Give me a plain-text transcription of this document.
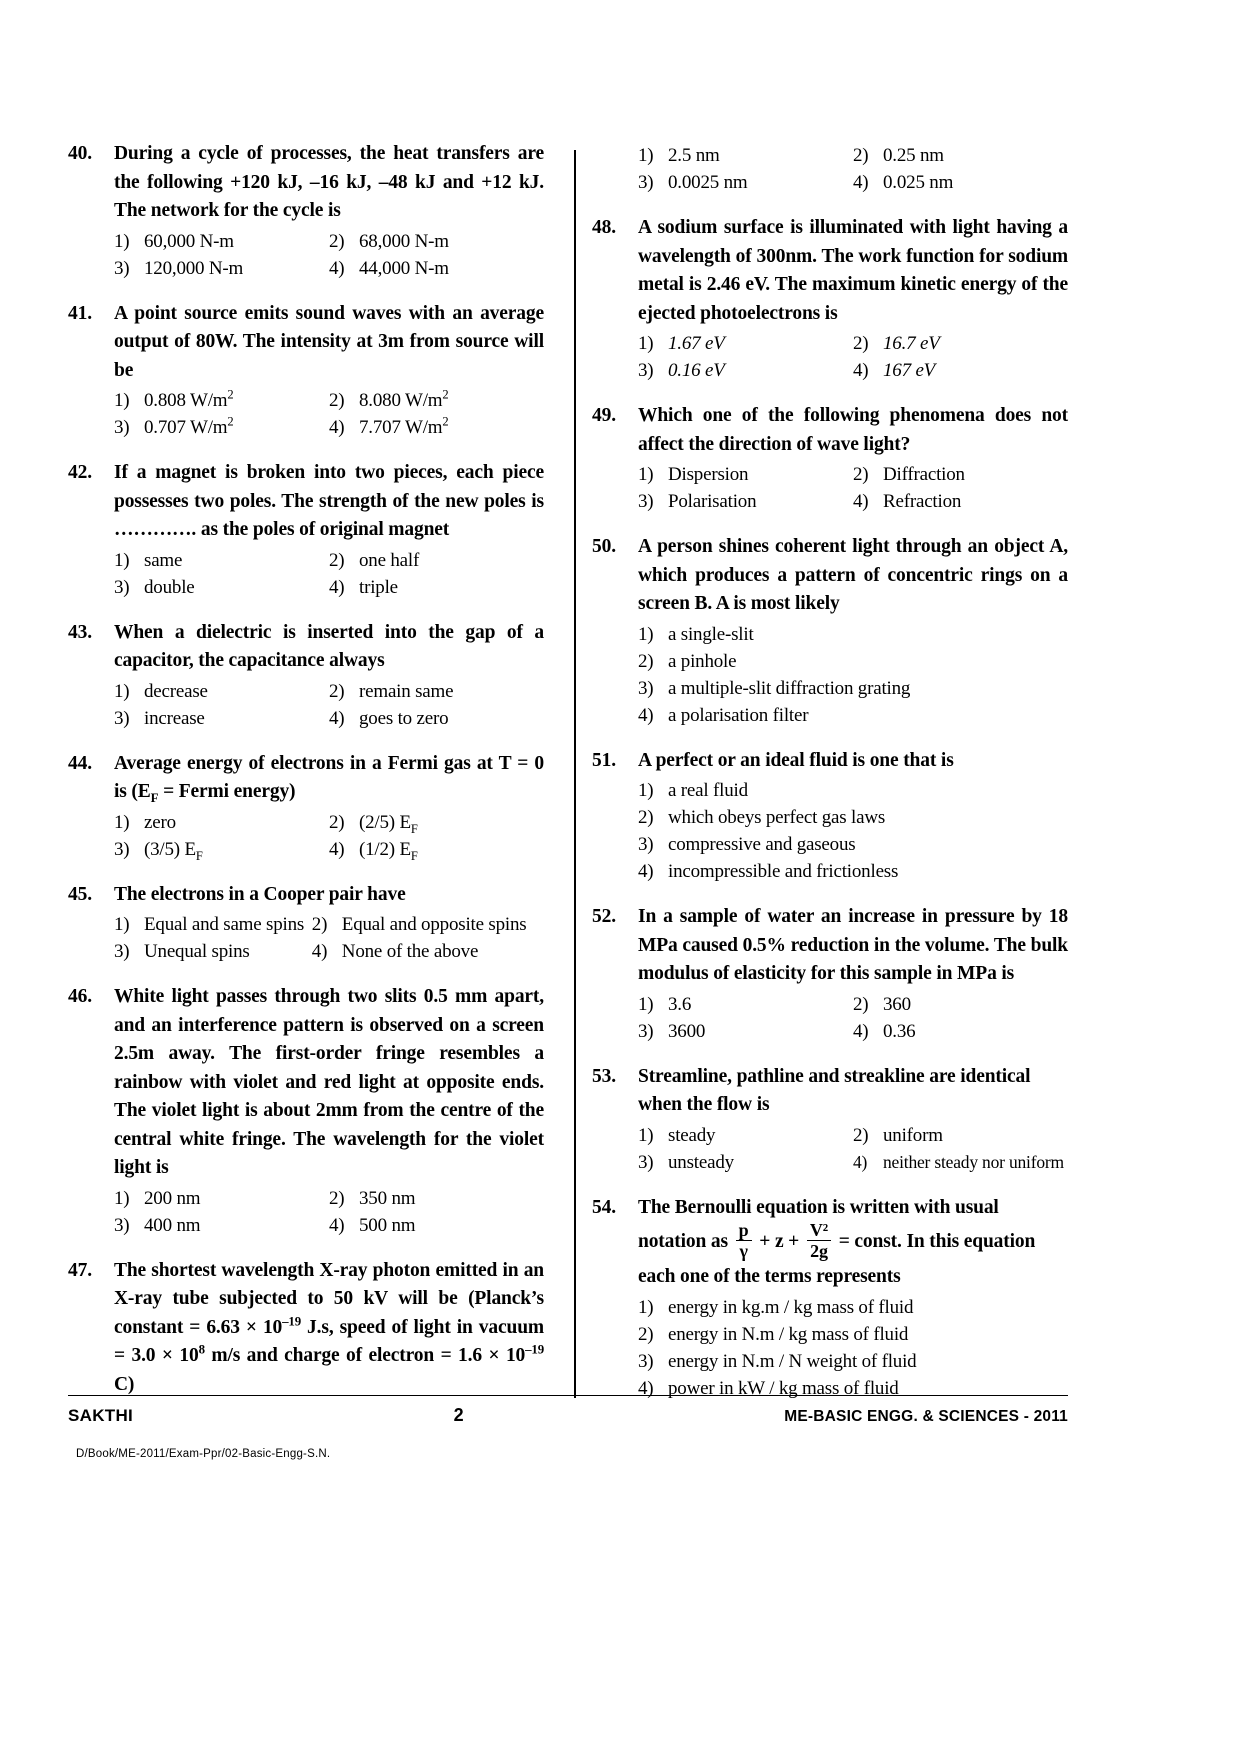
40.	During a cycle of processes, the heat transfers are the following +120 kJ, –16 kJ, –48 kJ and +12 kJ. The network for the cycle is
1) 60,000 N-m	2) 68,000 N-m
3) 120,000 N-m	4) 44,000 N-m
41.	A point source emits sound waves with an average output of 80W. The intensity at 3m from source will be
1) 0.808 $W/m^2$	2) 8.080 $W/m^2$
3) 0.707 $W/m^2$	4) 7.707 $W/m^2$
42.	If a magnet is broken into two pieces, each piece possesses two poles. The strength of the new poles is …………. as the poles of original magnet
1) same	2) one half
3) double	4) triple
43.	When a dielectric is inserted into the gap of a capacitor, the capacitance always
1) decrease	2) remain same
3) increase	4) goes to zero
44.	Average energy of electrons in a Fermi gas at T = 0 is ($E_F$ = Fermi energy)
1) zero	2) (2/5) $E_F$
3) (3/5) $E_F$	4) (1/2) $E_F$
45.	The electrons in a Cooper pair have
1) Equal and same spins 2) Equal and opposite spins
3) Unequal spins	4) None of the above
46.	White light passes through two slits 0.5 mm apart, and an interference pattern is observed on a screen 2.5m away. The first-order fringe resembles a rainbow with violet and red light at opposite ends. The violet light is about 2mm from the centre of the central white fringe. The wavelength for the violet light is
1) 200 nm	2) 350 nm
3) 400 nm	4) 500 nm
47.	The shortest wavelength X-ray photon emitted in an X-ray tube subjected to 50 kV will be (Planck’s constant = $6.63 \times 10^{-19}$ J.s, speed of light in vacuum = $3.0 \times 10^8$ m/s and charge of electron = $1.6 \times 10^{-19}$ C)
1) 2.5 nm	2) 0.25 nm
3) 0.0025 nm	4) 0.025 nm
48.	A sodium surface is illuminated with light having a wavelength of 300nm. The work function for sodium metal is 2.46 eV. The maximum kinetic energy of the ejected photoelectrons is
1) 1.67 eV	2) 16.7 eV
3) 0.16 eV	4) 167 eV
49.	Which one of the following phenomena does not affect the direction of wave light?
1) Dispersion	2) Diffraction
3) Polarisation	4) Refraction
50.	A person shines coherent light through an object A, which produces a pattern of concentric rings on a screen B. A is most likely
1) a single-slit
2) a pinhole
3) a multiple-slit diffraction grating
4) a polarisation filter
51.	A perfect or an ideal fluid is one that is
1) a real fluid
2) which obeys perfect gas laws
3) compressive and gaseous
4) incompressible and frictionless
52.	In a sample of water an increase in pressure by 18 MPa caused 0.5% reduction in the volume. The bulk modulus of elasticity for this sample in MPa is
1) 3.6	2) 360
3) 3600	4) 0.36
53.	Streamline, pathline and streakline are identical when the flow is
1) steady	2) uniform
3) unsteady	4) neither steady nor uniform
54.	The Bernoulli equation is written with usual
notation as $\frac{p}{\gamma} + z + \frac{\text{V²}}{2g}$ = const. In this equation
each one of the terms represents
1) energy in kg.m / kg mass of fluid
2) energy in N.m / kg mass of fluid
3) energy in N.m / N weight of fluid
4) power in kW / kg mass of fluid
SAKTHI	2	ME-BASIC ENGG. & SCIENCES - 2011
D/Book/ME-2011/Exam-Ppr/02-Basic-Engg-S.N.
